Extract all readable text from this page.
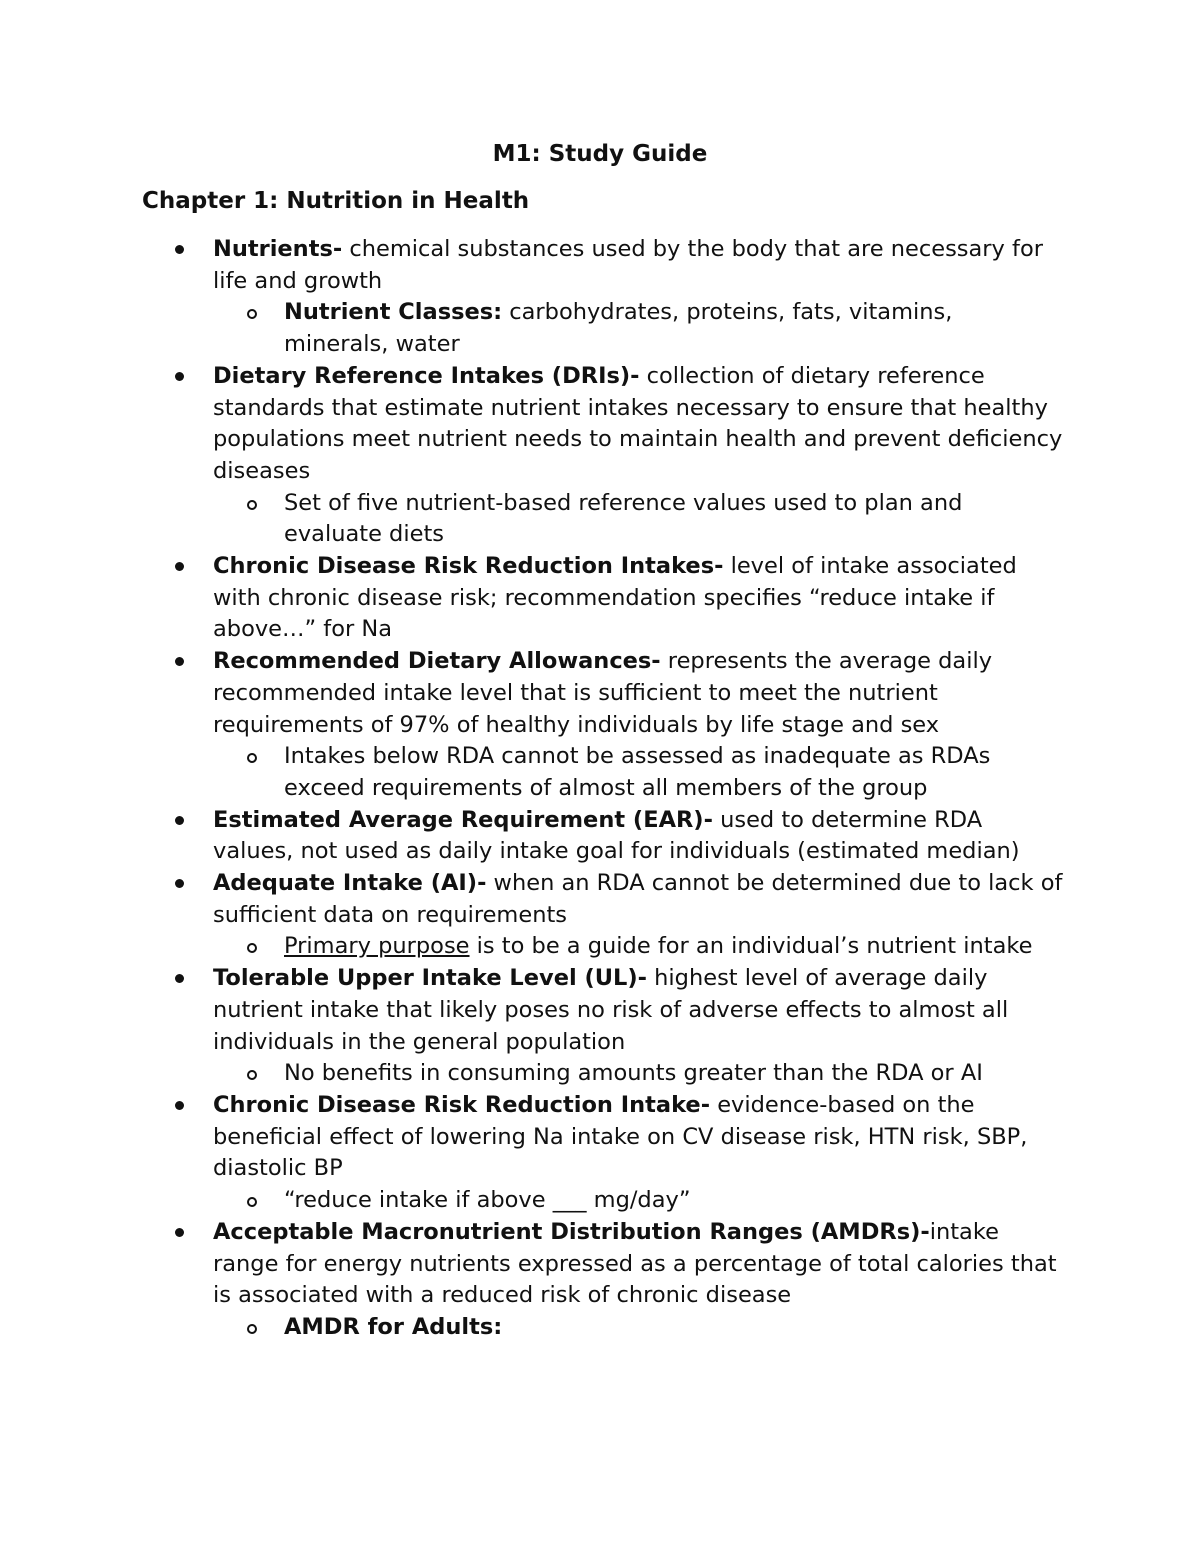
M1: Study Guide
Chapter 1: Nutrition in Health
Nutrients- chemical substances used by the body that are necessary for life and growth
Nutrient Classes: carbohydrates, proteins, fats, vitamins, minerals, water
Dietary Reference Intakes (DRIs)- collection of dietary reference standards that estimate nutrient intakes necessary to ensure that healthy populations meet nutrient needs to maintain health and prevent deficiency diseases
Set of five nutrient-based reference values used to plan and evaluate diets
Chronic Disease Risk Reduction Intakes- level of intake associated with chronic disease risk; recommendation specifies “reduce intake if above…” for Na
Recommended Dietary Allowances- represents the average daily recommended intake level that is sufficient to meet the nutrient requirements of 97% of healthy individuals by life stage and sex
Intakes below RDA cannot be assessed as inadequate as RDAs exceed requirements of almost all members of the group
Estimated Average Requirement (EAR)- used to determine RDA values, not used as daily intake goal for individuals (estimated median)
Adequate Intake (AI)- when an RDA cannot be determined due to lack of sufficient data on requirements
Primary purpose is to be a guide for an individual’s nutrient intake
Tolerable Upper Intake Level (UL)- highest level of average daily nutrient intake that likely poses no risk of adverse effects to almost all individuals in the general population
No benefits in consuming amounts greater than the RDA or AI
Chronic Disease Risk Reduction Intake- evidence-based on the beneficial effect of lowering Na intake on CV disease risk, HTN risk, SBP, diastolic BP
“reduce intake if above ___ mg/day”
Acceptable Macronutrient Distribution Ranges (AMDRs)-intake range for energy nutrients expressed as a percentage of total calories that is associated with a reduced risk of chronic disease
AMDR for Adults:
